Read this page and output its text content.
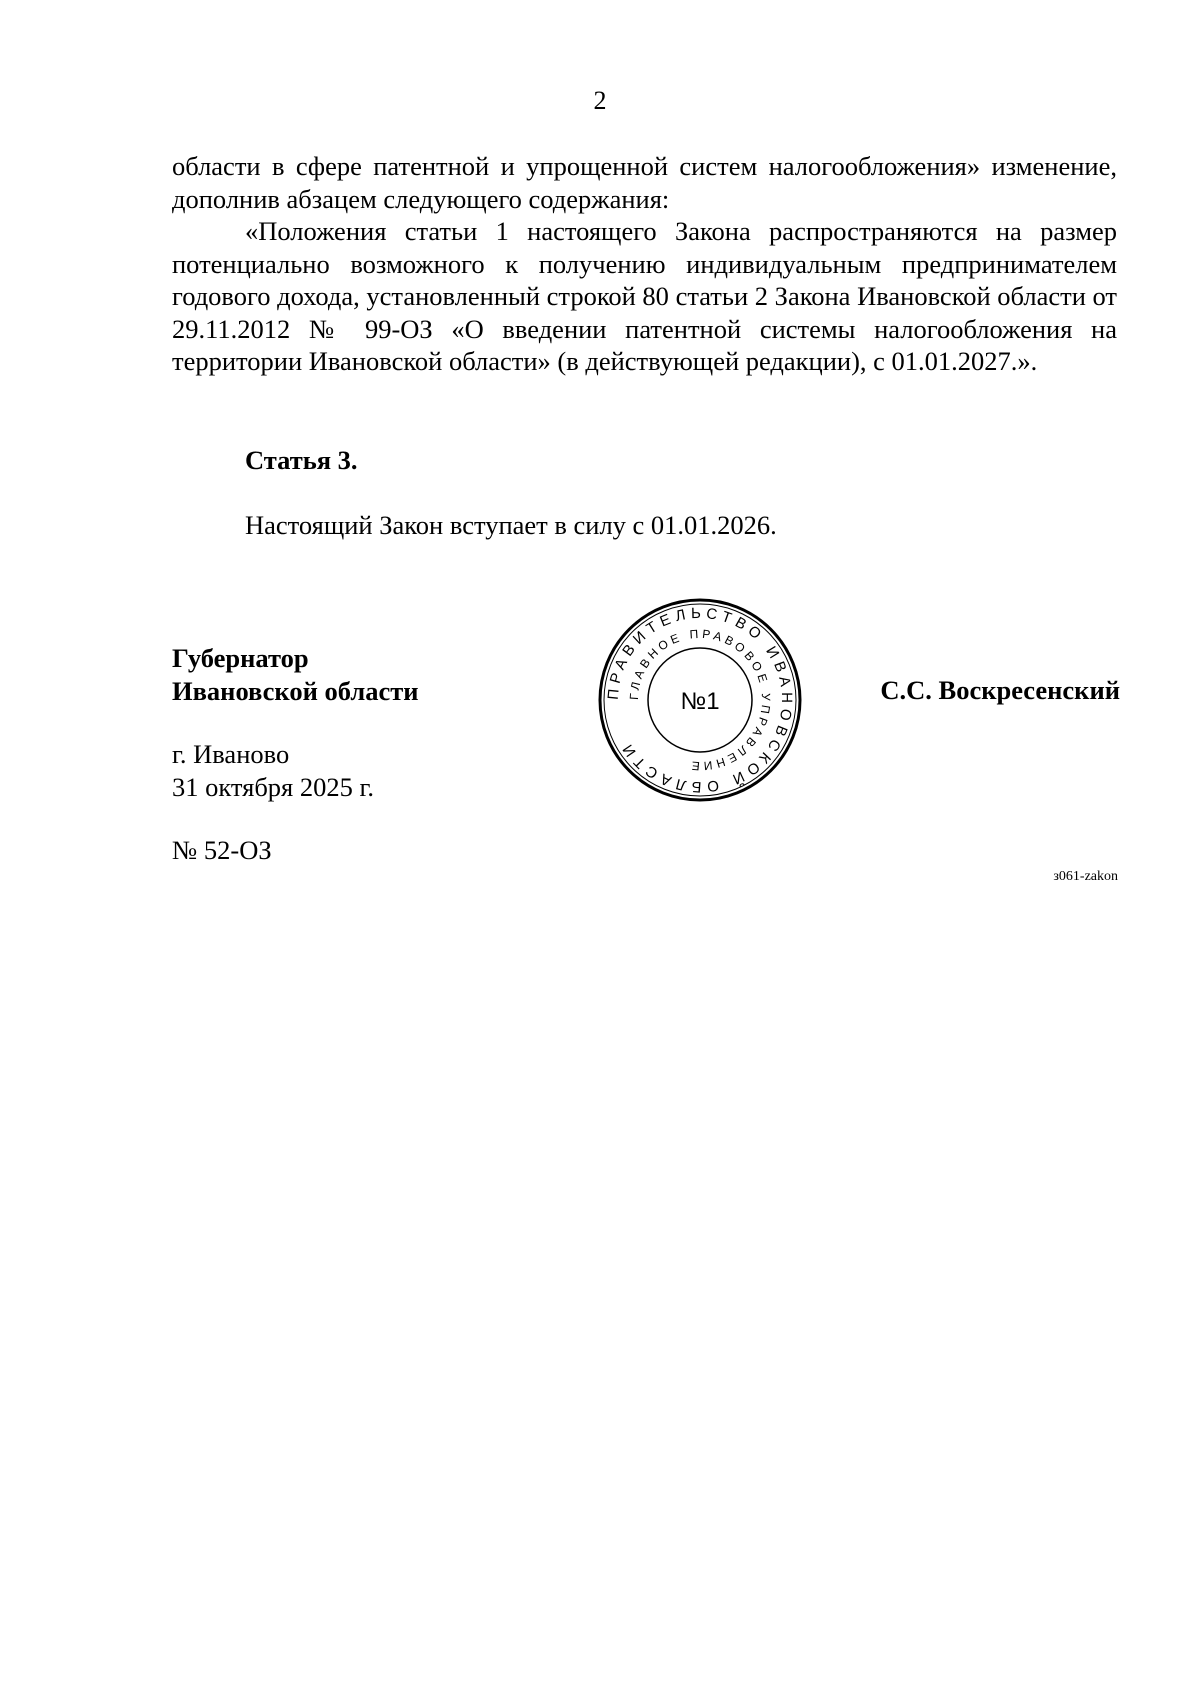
2

области в сфере патентной и упрощенной систем налогообложения» изменение, дополнив абзацем следующего содержания:

«Положения статьи 1 настоящего Закона распространяются на размер потенциально возможного к получению индивидуальным предпринимателем годового дохода, установленный строкой 80 статьи 2 Закона Ивановской области от 29.11.2012 № 99-ОЗ «О введении патентной системы налогообложения на территории Ивановской области» (в действующей редакции), с 01.01.2027.».

Статья 3.
Настоящий Закон вступает в силу с 01.01.2026.
Губернатор
Ивановской области	ПРАВИТЕЛЬСТВО ИВАНОВСКОЙ ОБЛАСТИ
ГЛАВНОЕ ПРАВОВОЕ УПРАВЛЕНИЕ
№1	С.С. Воскресенский
г. Иваново
31 октября 2025 г.
№ 52-ОЗ
з061-zakon
